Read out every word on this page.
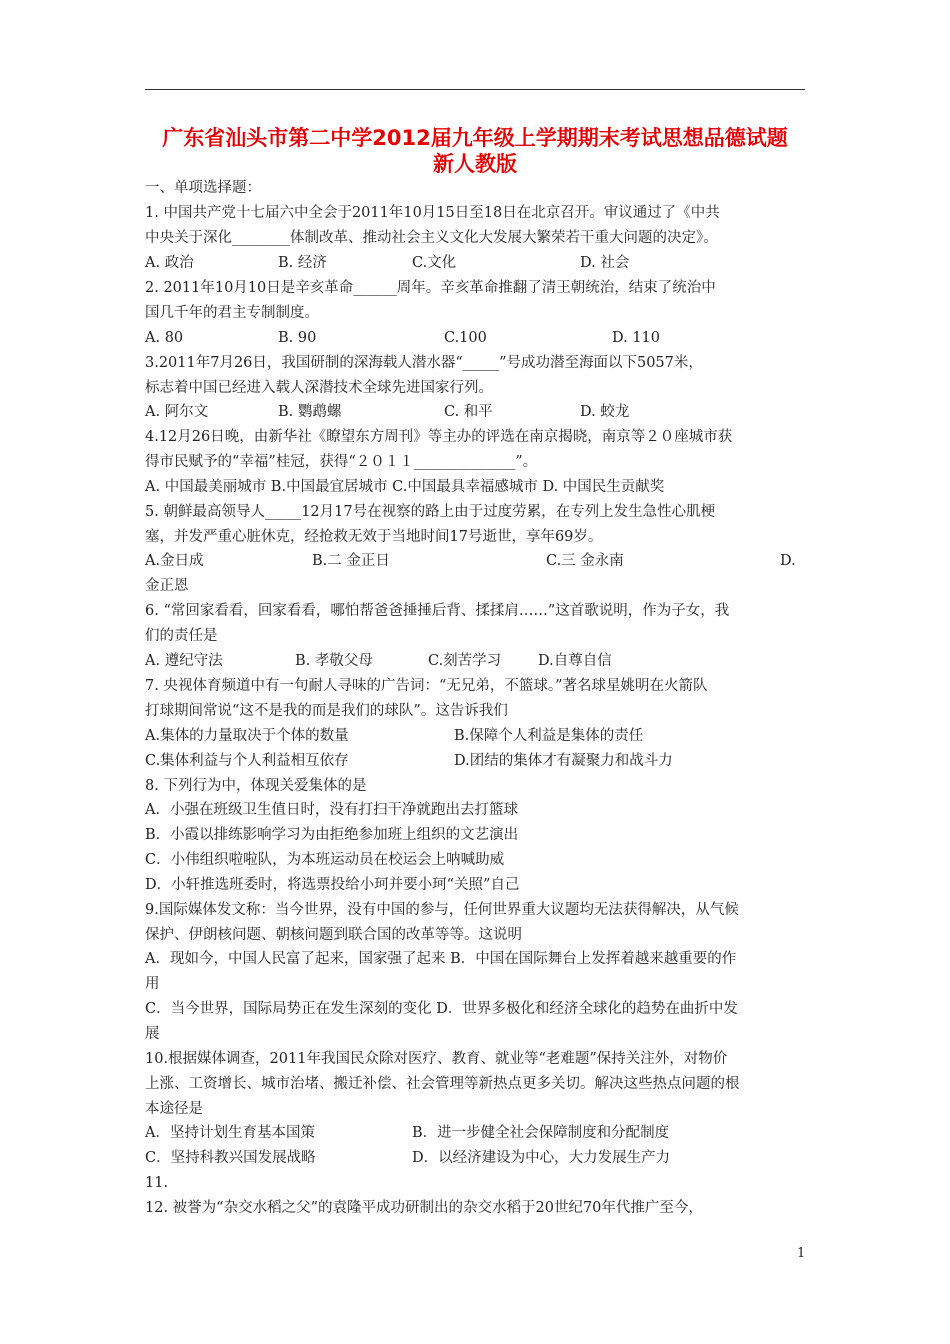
广东省汕头市第二中学2012届九年级上学期期末考试思想品德试题
新人教版
一、单项选择题：
1. 中国共产党十七届六中全会于2011年10月15日至18日在北京召开。审议通过了《中共
中央关于深化________体制改革、推动社会主义文化大发展大繁荣若干重大问题的决定》。
A. 政治	B. 经济	C.文化	D. 社会
2. 2011年10月10日是辛亥革命______周年。辛亥革命推翻了清王朝统治，结束了统治中
国几千年的君主专制制度。
A. 80	B. 90	C.100	D. 110
3.2011年7月26日，我国研制的深海载人潜水器“_____”号成功潜至海面以下5057米，
标志着中国已经进入载人深潜技术全球先进国家行列。
A. 阿尔文	B. 鹦鹉螺	C. 和平	D. 蛟龙
4.12月26日晚，由新华社《瞭望东方周刊》等主办的评选在南京揭晓，南京等２０座城市获
得市民赋予的“幸福”桂冠，获得“２０１１______________”。
A. 中国最美丽城市 B.中国最宜居城市 C.中国最具幸福感城市 D. 中国民生贡献奖
5. 朝鲜最高领导人_____12月17号在视察的路上由于过度劳累，在专列上发生急性心肌梗
塞，并发严重心脏休克，经抢救无效于当地时间17号逝世，享年69岁。
A.金日成	B.二 金正日	C.三 金永南	D.
金正恩
6. “常回家看看，回家看看，哪怕帮爸爸捶捶后背、揉揉肩……”这首歌说明，作为子女，我
们的责任是
A. 遵纪守法	B. 孝敬父母	C.刻苦学习	D.自尊自信
7. 央视体育频道中有一句耐人寻味的广告词：“无兄弟，不篮球。”著名球星姚明在火箭队
打球期间常说“这不是我的而是我们的球队”。这告诉我们
A.集体的力量取决于个体的数量	B.保障个人利益是集体的责任
C.集体利益与个人利益相互依存	D.团结的集体才有凝聚力和战斗力
8. 下列行为中，体现关爱集体的是
A．小强在班级卫生值日时，没有打扫干净就跑出去打篮球
B．小霞以排练影响学习为由拒绝参加班上组织的文艺演出
C．小伟组织啦啦队，为本班运动员在校运会上呐喊助威
D．小轩推选班委时，将选票投给小珂并要小珂“关照”自己
9.国际媒体发文称：当今世界，没有中国的参与，任何世界重大议题均无法获得解决，从气候
保护、伊朗核问题、朝核问题到联合国的改革等等。这说明
A．现如今，中国人民富了起来，国家强了起来 B．中国在国际舞台上发挥着越来越重要的作
用
C．当今世界，国际局势正在发生深刻的变化 D．世界多极化和经济全球化的趋势在曲折中发
展
10.根据媒体调查，2011年我国民众除对医疗、教育、就业等“老难题”保持关注外，对物价
上涨、工资增长、城市治堵、搬迁补偿、社会管理等新热点更多关切。解决这些热点问题的根
本途径是
A．坚持计划生育基本国策	B．进一步健全社会保障制度和分配制度
C．坚持科教兴国发展战略	D．以经济建设为中心，大力发展生产力
11.
12. 被誉为“杂交水稻之父”的袁隆平成功研制出的杂交水稻于20世纪70年代推广至今，
1
